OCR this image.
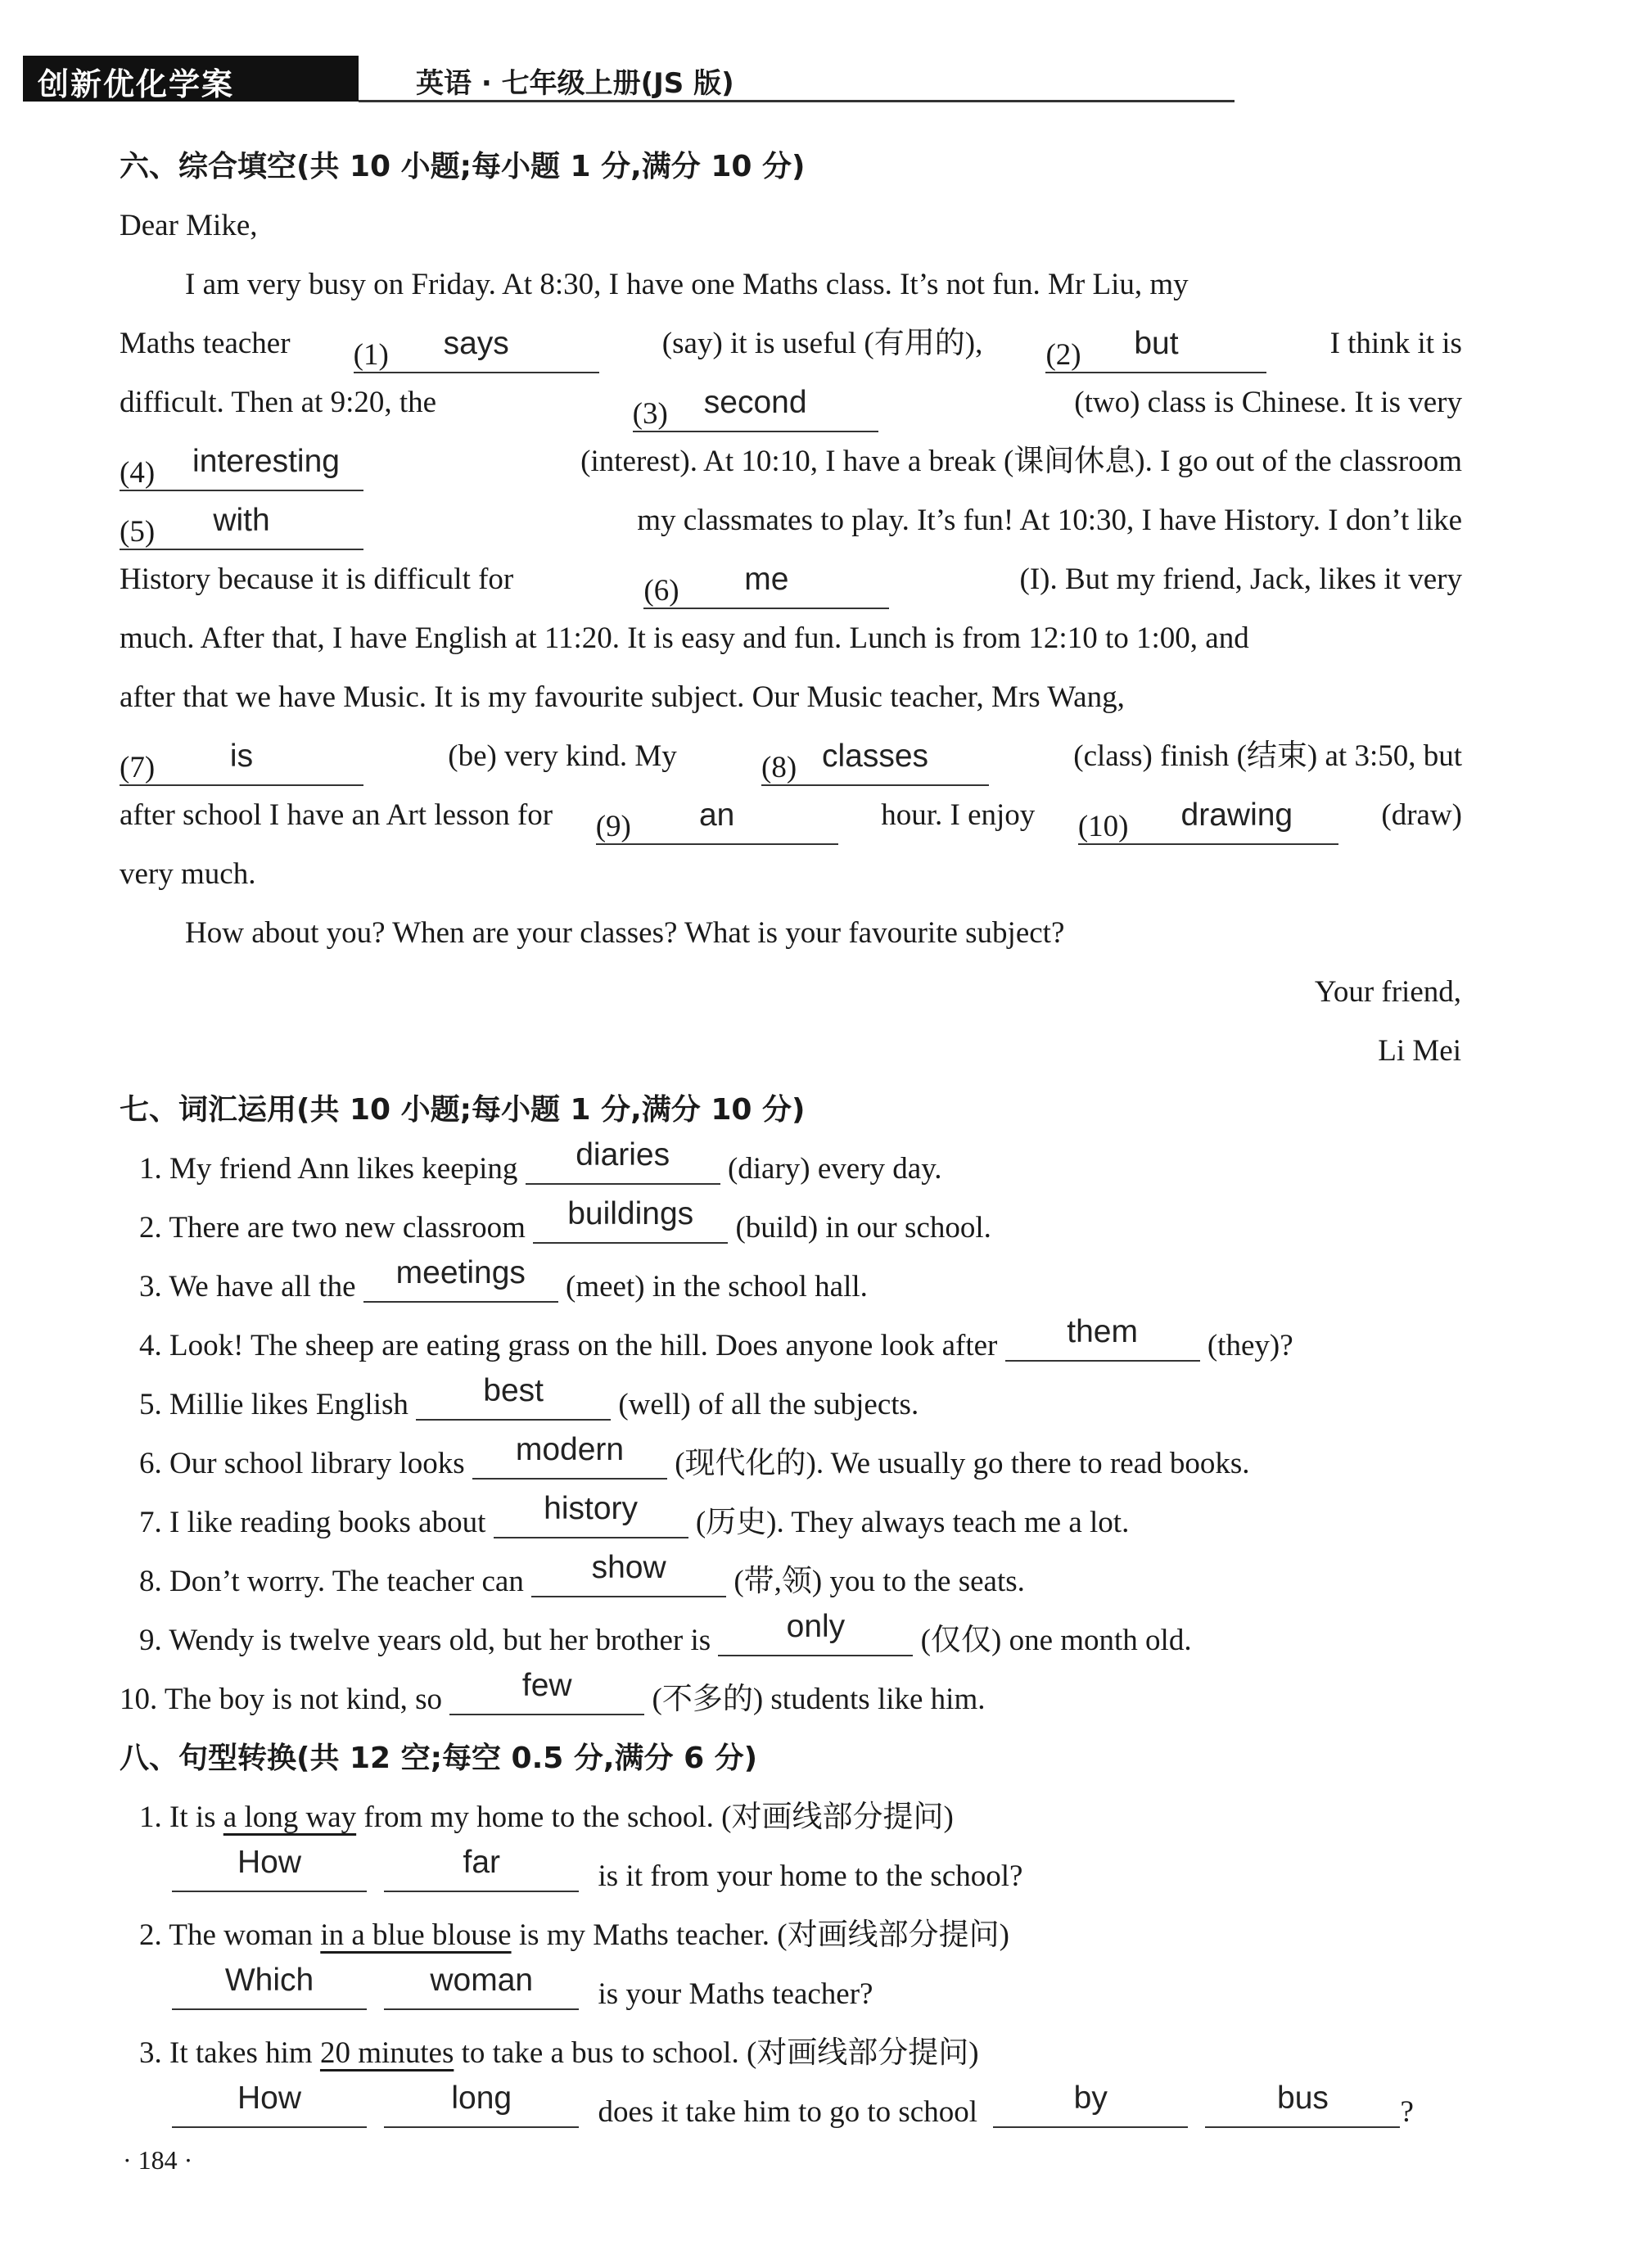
创新优化学案	英语 · 七年级上册(JS 版)
六、综合填空(共 10 小题;每小题 1 分,满分 10 分)
Dear Mike,
I am very busy on Friday. At 8:30, I have one Maths class. It’s not fun. Mr Liu, my
Maths teacher (1)	says	(say) it is useful (有用的), (2)	but	I think it is
difficult. Then at 9:20, the	(3)	second	(two) class is Chinese. It is very
(4)	interesting	(interest). At 10:10, I have a break (课间休息). I go out of the classroom
(5)	with	my classmates to play. It’s fun! At 10:30, I have History. I don’t like
History because it is difficult for	(6)	me	(I). But my friend, Jack, likes it very
much. After that, I have English at 11:20. It is easy and fun. Lunch is from 12:10 to 1:00, and
after that we have Music. It is my favourite subject. Our Music teacher, Mrs Wang,
(7)	is	(be) very kind. My	(8) classes	(class) finish (结束) at 3:50, but
after school I have an Art lesson for (9)	an	hour. I enjoy (10)	drawing	(draw)
very much.
How about you? When are your classes? What is your favourite subject?
Your friend,
Li Mei
七、词汇运用(共 10 小题;每小题 1 分,满分 10 分)
1. My friend Ann likes keeping	diaries	(diary) every day.
2. There are two new classroom	buildings	(build) in our school.
3. We have all the	meetings	(meet) in the school hall.
4. Look! The sheep are eating grass on the hill. Does anyone look after	them	(they)?
5. Millie likes English	best	(well) of all the subjects.
6. Our school library looks	modern	(现代化的). We usually go there to read books.
7. I like reading books about	history	(历史). They always teach me a lot.
8. Don’t worry. The teacher can	show	(带,领) you to the seats.
9. Wendy is twelve years old, but her brother is	only	(仅仅) one month old.
10. The boy is not kind, so	few	(不多的) students like him.
八、句型转换(共 12 空;每空 0.5 分,满分 6 分)
1. It is a long way from my home to the school. (对画线部分提问)
How
	far	is it from your home to the school?
2. The woman in a blue blouse is my Maths teacher. (对画线部分提问)
Which
	woman	is your Maths teacher?
3. It takes him 20 minutes to take a bus to school. (对画线部分提问)
How
	long	does it take him to go to school	by
	bus	?
· 184 ·
